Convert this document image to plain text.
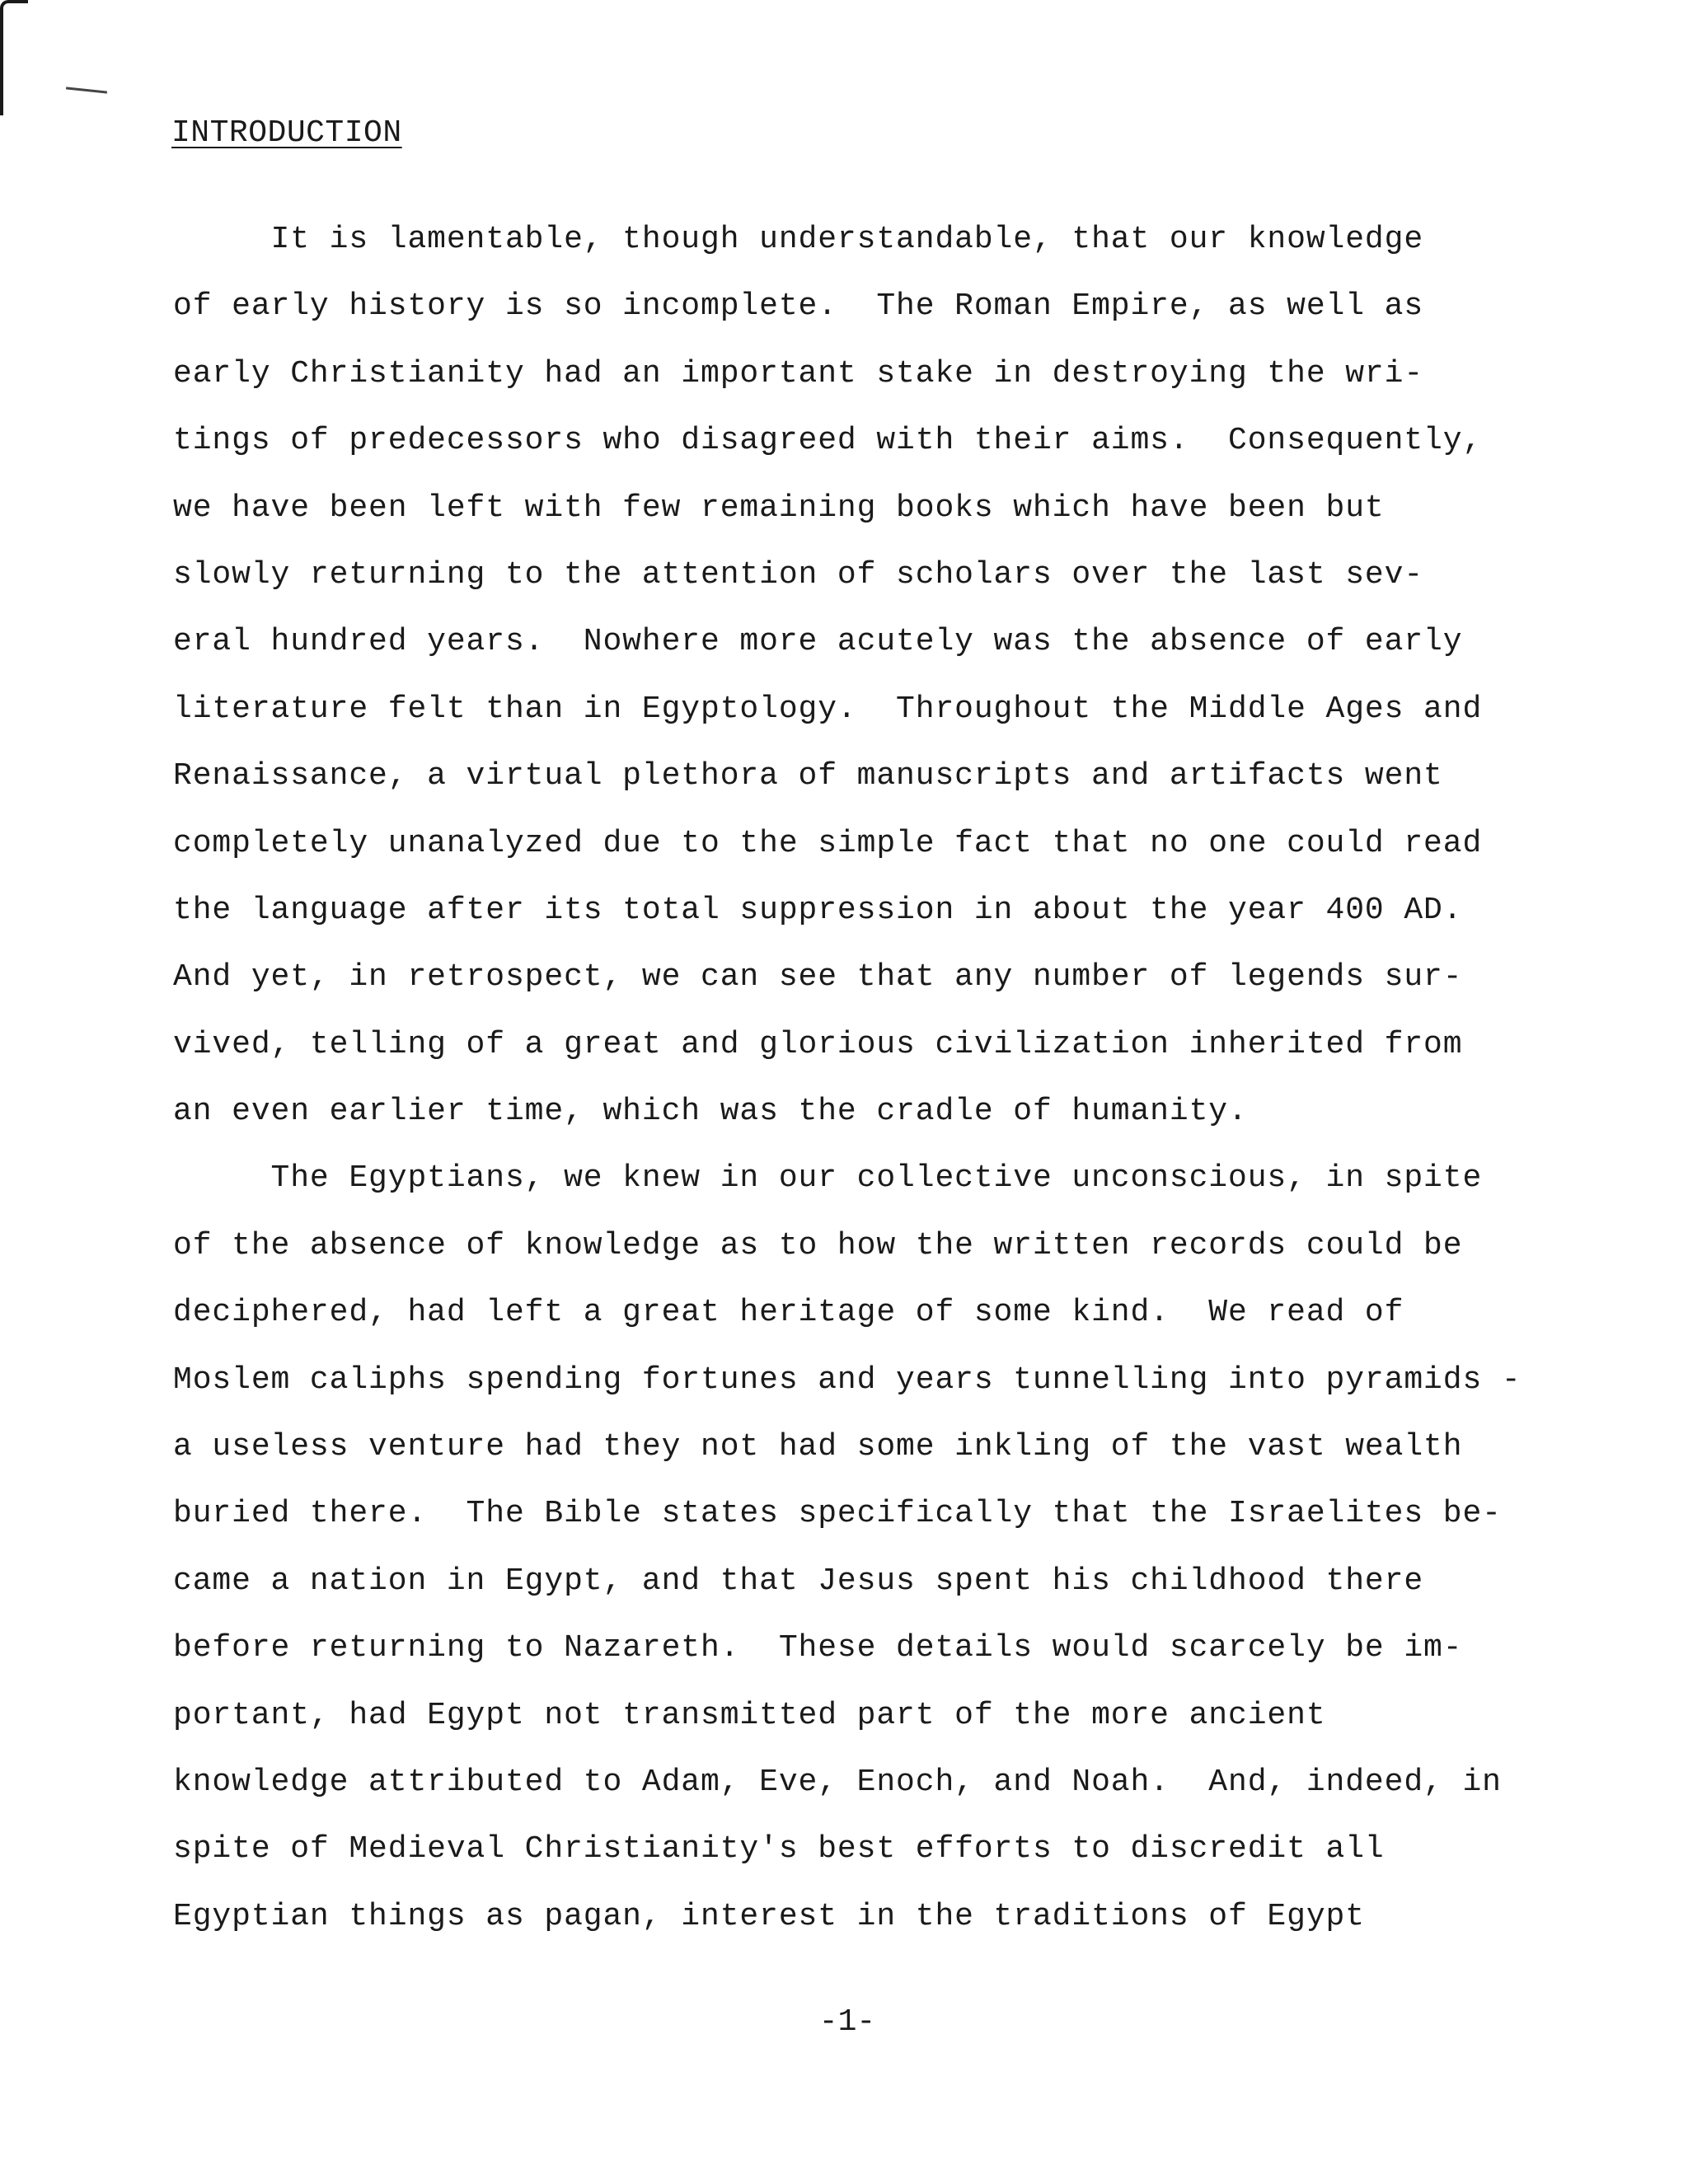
INTRODUCTION
It is lamentable, though understandable, that our knowledge
of early history is so incomplete.  The Roman Empire, as well as
early Christianity had an important stake in destroying the wri-
tings of predecessors who disagreed with their aims.  Consequently,
we have been left with few remaining books which have been but
slowly returning to the attention of scholars over the last sev-
eral hundred years.  Nowhere more acutely was the absence of early
literature felt than in Egyptology.  Throughout the Middle Ages and
Renaissance, a virtual plethora of manuscripts and artifacts went
completely unanalyzed due to the simple fact that no one could read
the language after its total suppression in about the year 400 AD.
And yet, in retrospect, we can see that any number of legends sur-
vived, telling of a great and glorious civilization inherited from
an even earlier time, which was the cradle of humanity.
The Egyptians, we knew in our collective unconscious, in spite
of the absence of knowledge as to how the written records could be
deciphered, had left a great heritage of some kind.  We read of
Moslem caliphs spending fortunes and years tunnelling into pyramids -
a useless venture had they not had some inkling of the vast wealth
buried there.  The Bible states specifically that the Israelites be-
came a nation in Egypt, and that Jesus spent his childhood there
before returning to Nazareth.  These details would scarcely be im-
portant, had Egypt not transmitted part of the more ancient
knowledge attributed to Adam, Eve, Enoch, and Noah.  And, indeed, in
spite of Medieval Christianity's best efforts to discredit all
Egyptian things as pagan, interest in the traditions of Egypt
-1-
